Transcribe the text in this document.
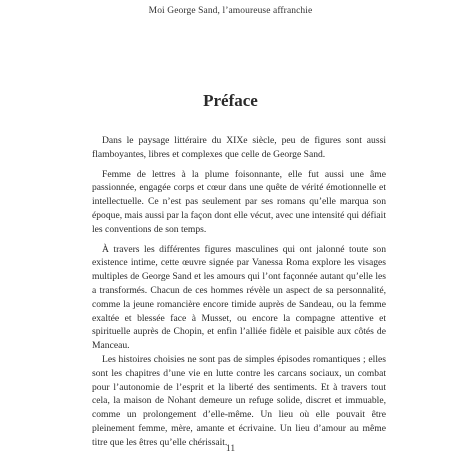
Moi George Sand, l’amoureuse affranchie
Préface

Dans le paysage littéraire du XIXe siècle, peu de figures sont aussi flamboyantes, libres et complexes que celle de George Sand.

Femme de lettres à la plume foisonnante, elle fut aussi une âme passionnée, engagée corps et cœur dans une quête de vérité émotionnelle et intellectuelle. Ce n’est pas seulement par ses romans qu’elle marqua son époque, mais aussi par la façon dont elle vécut, avec une intensité qui défiait les conventions de son temps.

À travers les différentes figures masculines qui ont jalonné toute son existence intime, cette œuvre signée par Vanessa Roma explore les visages multiples de George Sand et les amours qui l’ont façonnée autant qu’elle les a transformés. Chacun de ces hommes révèle un aspect de sa personnalité, comme la jeune romancière encore timide auprès de Sandeau, ou la femme exaltée et blessée face à Musset, ou encore la compagne attentive et spirituelle auprès de Chopin, et enfin l’alliée fidèle et paisible aux côtés de Manceau.

Les histoires choisies ne sont pas de simples épisodes romantiques ; elles sont les chapitres d’une vie en lutte contre les carcans sociaux, un combat pour l’autonomie de l’esprit et la liberté des sentiments. Et à travers tout cela, la maison de Nohant demeure un refuge solide, discret et immuable, comme un prolongement d’elle-même. Un lieu où elle pouvait être pleinement femme, mère, amante et écrivaine. Un lieu d’amour au même titre que les êtres qu’elle chérissait.

11
